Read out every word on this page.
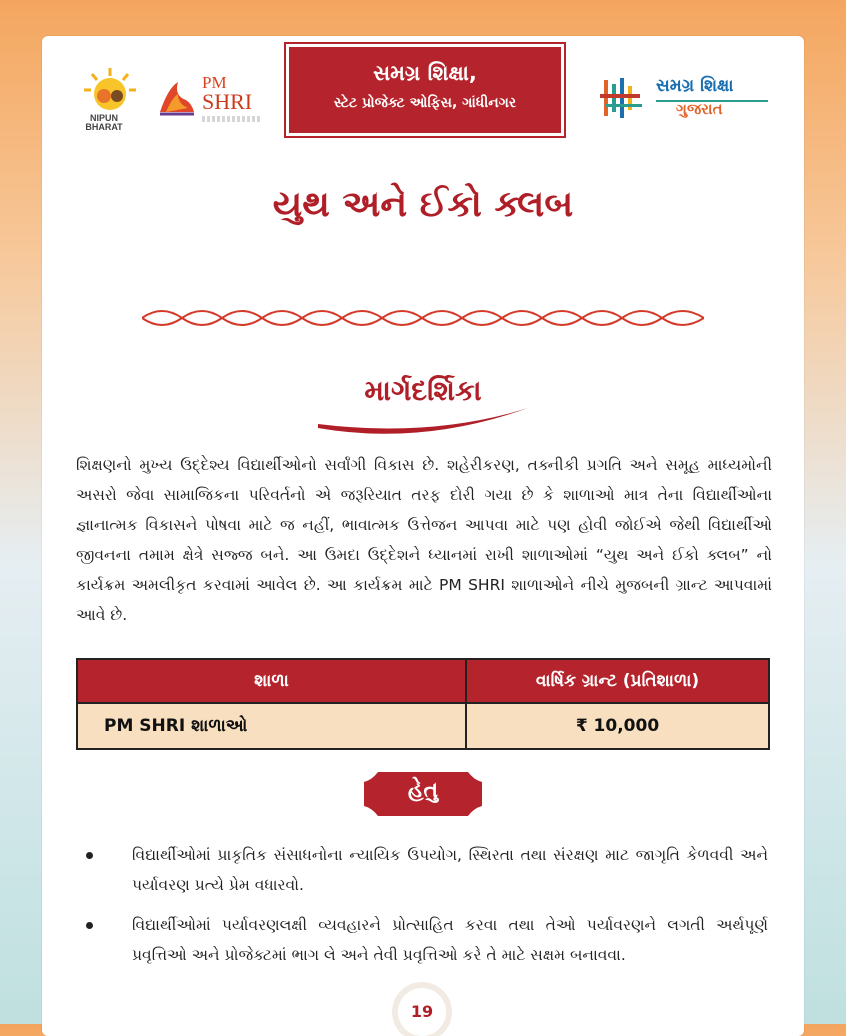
NIPUN BHARAT
PM
SHRI
સમગ્ર શિક્ષા,
સ્ટેટ પ્રોજેક્ટ ઓફિસ, ગાંધીનગર
સમગ્ર શિક્ષા
ગુજરાત
યુથ અને ઈકો ક્લબ
માર્ગદર્શિકા
શિક્ષણનો મુખ્ય ઉદ્દેશ્ય વિદ્યાર્થીઓનો સર્વાંગી વિકાસ છે. શહેરીકરણ, તક્નીકી પ્રગતિ અને સમૂહ માધ્યમોની અસરો જેવા સામાજિકના પરિવર્તનો એ જરૂરિયાત તરફ દોરી ગયા છે કે શાળાઓ માત્ર તેના વિદ્યાર્થીઓના જ્ઞાનાત્મક વિકાસને પોષવા માટે જ નહીં, ભાવાત્મક ઉત્તેજન આપવા માટે પણ હોવી જોઈએ જેથી વિદ્યાર્થીઓ જીવનના તમામ ક્ષેત્રે સજ્જ બને. આ ઉમદા ઉદ્દેશને ધ્યાનમાં રાખી શાળાઓમાં “યુથ અને ઈકો ક્લબ” નો કાર્યક્રમ અમલીકૃત કરવામાં આવેલ છે. આ કાર્યક્રમ માટે PM SHRI શાળાઓને નીચે મુજબની ગ્રાન્ટ આપવામાં આવે છે.
શાળા	વાર્ષિક ગ્રાન્ટ (પ્રતિશાળા)
PM SHRI શાળાઓ	₹ 10,000
હેતુ
વિદ્યાર્થીઓમાં પ્રાકૃતિક સંસાધનોના ન્યાયિક ઉપયોગ, સ્થિરતા તથા સંરક્ષણ માટ જાગૃતિ કેળવવી અને પર્યાવરણ પ્રત્યે પ્રેમ વધારવો.
વિદ્યાર્થીઓમાં પર્યાવરણલક્ષી વ્યવહારને પ્રોત્સાહિત કરવા તથા તેઓ પર્યાવરણને લગતી અર્થપૂર્ણ પ્રવૃત્તિઓ અને પ્રોજેક્ટમાં ભાગ લે અને તેવી પ્રવૃત્તિઓ કરે તે માટે સક્ષમ બનાવવા.
19
